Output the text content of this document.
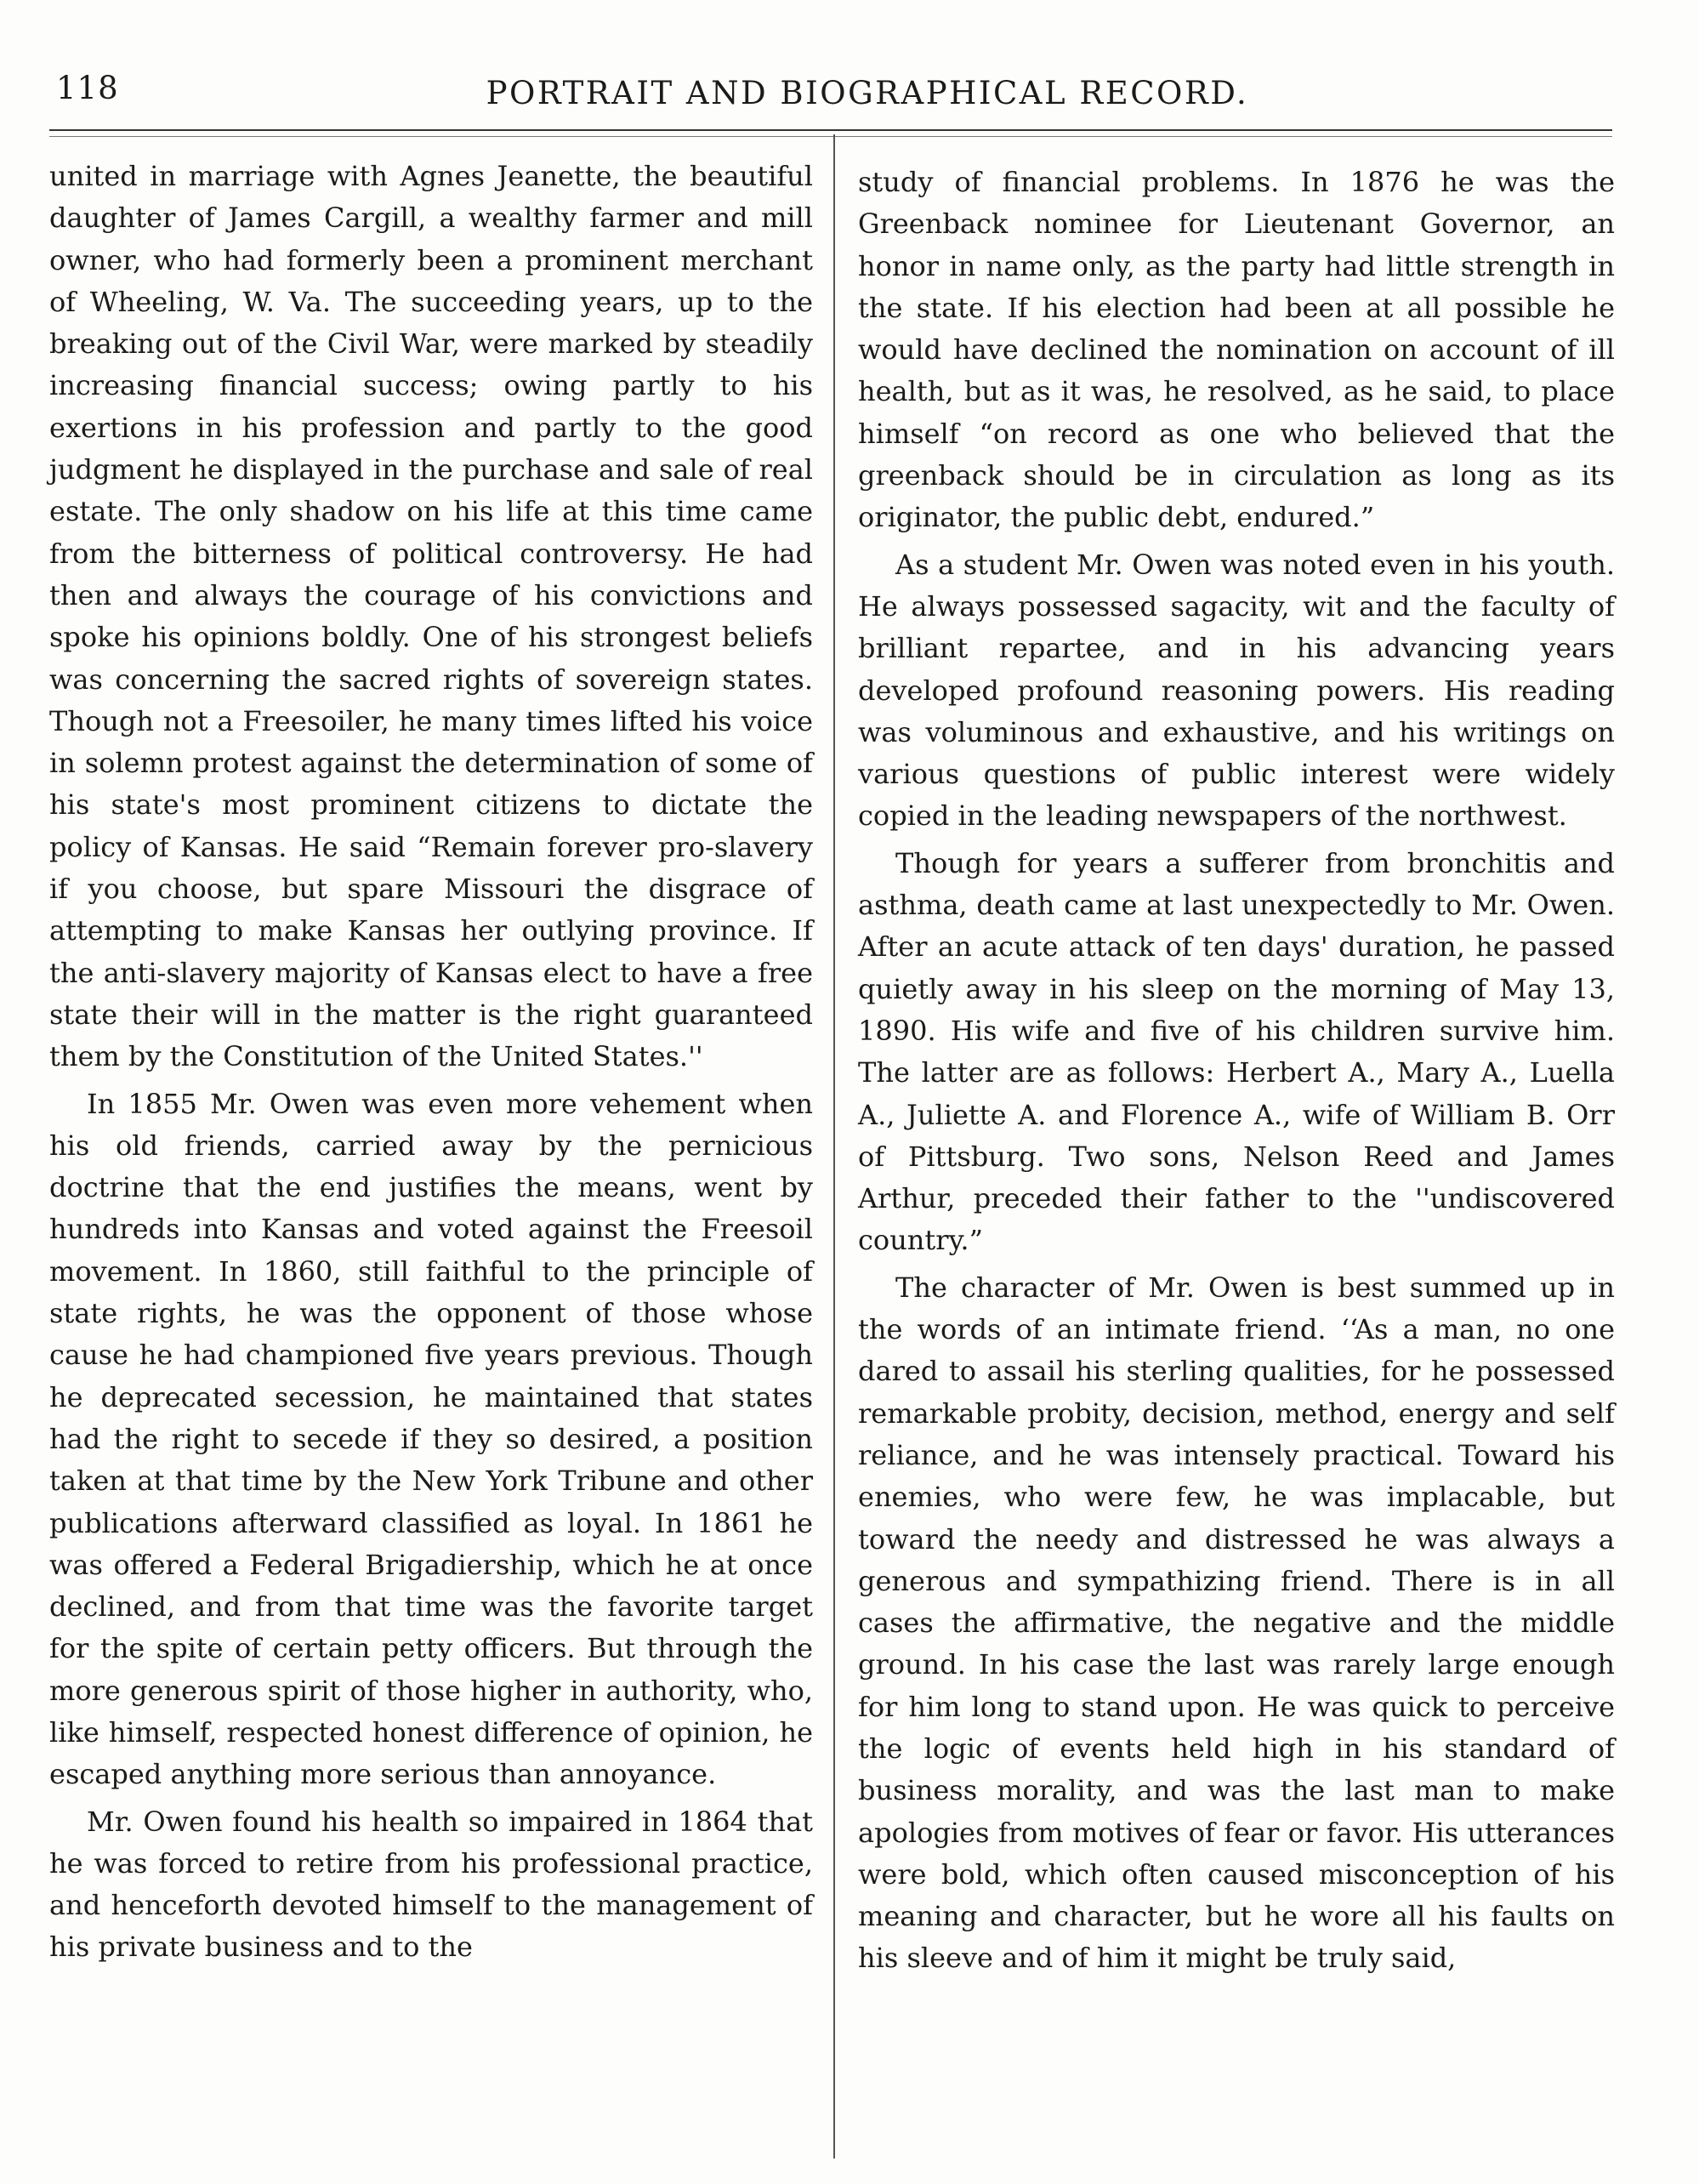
118	PORTRAIT AND BIOGRAPHICAL RECORD.

united in marriage with Agnes Jeanette, the beautiful daughter of James Cargill, a wealthy farmer and mill owner, who had formerly been a prominent merchant of Wheeling, W. Va. The succeeding years, up to the breaking out of the Civil War, were marked by steadily increasing financial success; owing partly to his exertions in his profession and partly to the good judgment he displayed in the purchase and sale of real estate. The only shadow on his life at this time came from the bitterness of political controversy. He had then and always the courage of his convictions and spoke his opinions boldly. One of his strongest beliefs was concerning the sacred rights of sovereign states. Though not a Freesoiler, he many times lifted his voice in solemn protest against the determination of some of his state's most prominent citizens to dictate the policy of Kansas. He said “Remain forever pro-slavery if you choose, but spare Missouri the disgrace of attempting to make Kansas her outlying province. If the anti-slavery majority of Kansas elect to have a free state their will in the matter is the right guaranteed them by the Constitution of the United States.''

In 1855 Mr. Owen was even more vehement when his old friends, carried away by the pernicious doctrine that the end justifies the means, went by hundreds into Kansas and voted against the Freesoil movement. In 1860, still faithful to the principle of state rights, he was the opponent of those whose cause he had championed five years previous. Though he deprecated secession, he maintained that states had the right to secede if they so desired, a position taken at that time by the New York Tribune and other publications afterward classified as loyal. In 1861 he was offered a Federal Brigadiership, which he at once declined, and from that time was the favorite target for the spite of certain petty officers. But through the more generous spirit of those higher in authority, who, like himself, respected honest difference of opinion, he escaped anything more serious than annoyance.

Mr. Owen found his health so impaired in 1864 that he was forced to retire from his professional practice, and henceforth devoted himself to the management of his private business and to the

study of financial problems. In 1876 he was the Greenback nominee for Lieutenant Governor, an honor in name only, as the party had little strength in the state. If his election had been at all possible he would have declined the nomination on account of ill health, but as it was, he resolved, as he said, to place himself “on record as one who believed that the greenback should be in circulation as long as its originator, the public debt, endured.”

As a student Mr. Owen was noted even in his youth. He always possessed sagacity, wit and the faculty of brilliant repartee, and in his advancing years developed profound reasoning powers. His reading was voluminous and exhaustive, and his writings on various questions of public interest were widely copied in the leading newspapers of the northwest.

Though for years a sufferer from bronchitis and asthma, death came at last unexpectedly to Mr. Owen. After an acute attack of ten days' duration, he passed quietly away in his sleep on the morning of May 13, 1890. His wife and five of his children survive him. The latter are as follows: Herbert A., Mary A., Luella A., Juliette A. and Florence A., wife of William B. Orr of Pittsburg. Two sons, Nelson Reed and James Arthur, preceded their father to the ''undiscovered country.”

The character of Mr. Owen is best summed up in the words of an intimate friend. ‘‘As a man, no one dared to assail his sterling qualities, for he possessed remarkable probity, decision, method, energy and self reliance, and he was intensely practical. Toward his enemies, who were few, he was implacable, but toward the needy and distressed he was always a generous and sympathizing friend. There is in all cases the affirmative, the negative and the middle ground. In his case the last was rarely large enough for him long to stand upon. He was quick to perceive the logic of events held high in his standard of business morality, and was the last man to make apologies from motives of fear or favor. His utterances were bold, which often caused misconception of his meaning and character, but he wore all his faults on his sleeve and of him it might be truly said,
